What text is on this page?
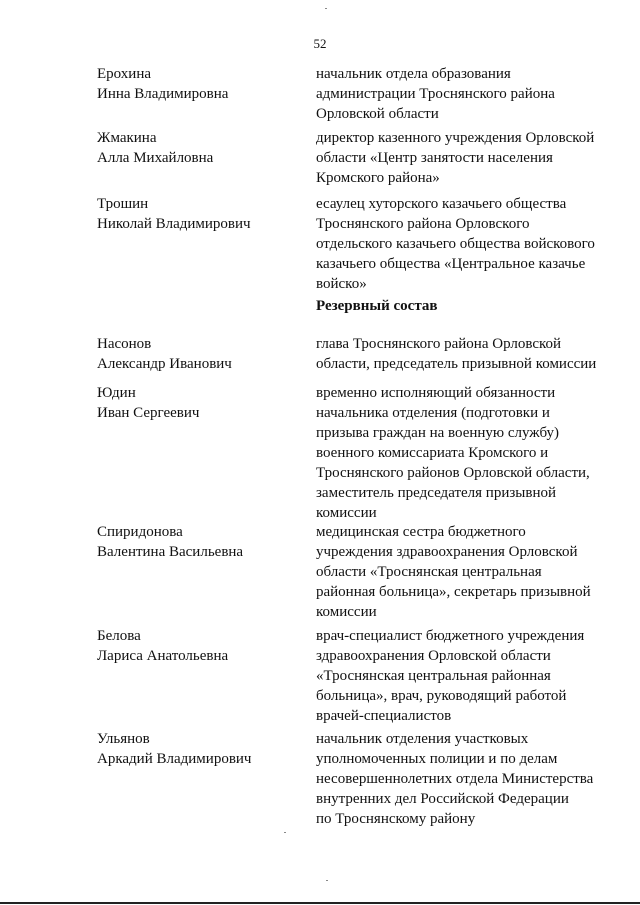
52
Ерохина
Инна Владимировна
начальник отдела образования
администрации Троснянского района
Орловской области
Жмакина
Алла Михайловна
директор казенного учреждения Орловской
области «Центр занятости населения
Кромского района»
Трошин
Николай Владимирович
есаулец хуторского казачьего общества
Троснянского района Орловского
отдельского казачьего общества войскового
казачьего общества «Центральное казачье
войско»
Резервный состав
Насонов
Александр Иванович
глава Троснянского района Орловской
области, председатель призывной комиссии
Юдин
Иван Сергеевич
временно исполняющий обязанности
начальника отделения (подготовки и
призыва граждан на военную службу)
военного комиссариата Кромского и
Троснянского районов Орловской области,
заместитель председателя призывной
комиссии
Спиридонова
Валентина Васильевна
медицинская сестра бюджетного
учреждения здравоохранения Орловской
области «Троснянская центральная
районная больница», секретарь призывной
комиссии
Белова
Лариса Анатольевна
врач-специалист бюджетного учреждения
здравоохранения Орловской области
«Троснянская центральная районная
больница», врач, руководящий работой
врачей-специалистов
Ульянов
Аркадий Владимирович
начальник отделения участковых
уполномоченных полиции и по делам
несовершеннолетних отдела Министерства
внутренних дел Российской Федерации
по Троснянскому району
